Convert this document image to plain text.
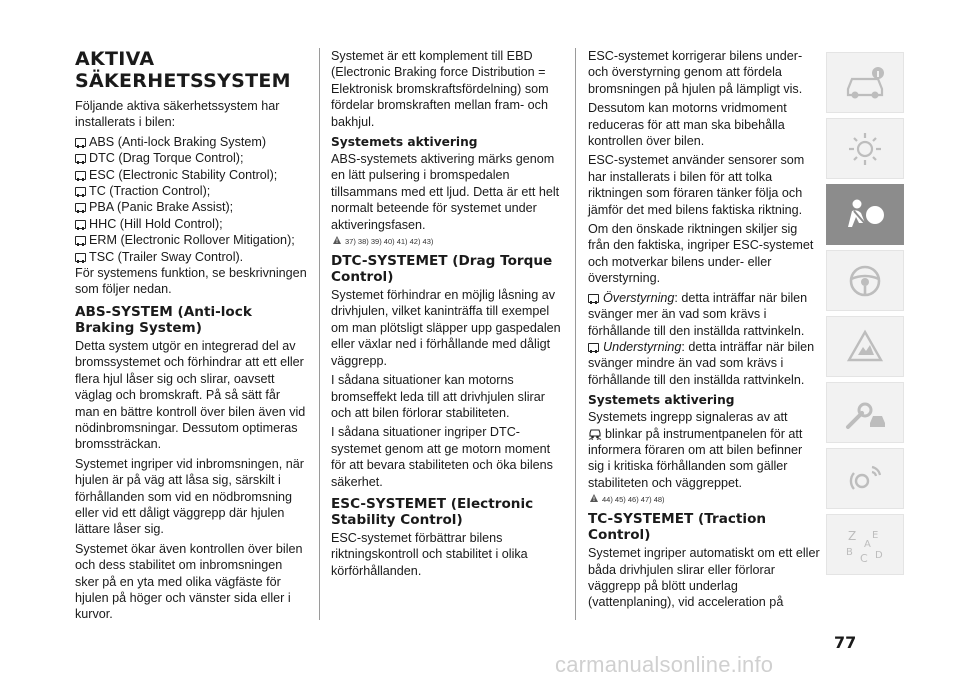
AKTIVA SÄKERHETSSYSTEM

Följande aktiva säkerhetssystem har installerats i bilen:

ABS (Anti-lock Braking System)
DTC (Drag Torque Control);
ESC (Electronic Stability Control);
TC (Traction Control);
PBA (Panic Brake Assist);
HHC (Hill Hold Control);
ERM (Electronic Rollover Mitigation);
TSC (Trailer Sway Control).

För systemens funktion, se beskrivningen som följer nedan.

ABS-SYSTEM (Anti-lock Braking System)

Detta system utgör en integrerad del av bromssystemet och förhindrar att ett eller flera hjul låser sig och slirar, oavsett väglag och bromskraft. På så sätt får man en bättre kontroll över bilen även vid nödinbromsningar. Dessutom optimeras bromssträckan.

Systemet ingriper vid inbromsningen, när hjulen är på väg att låsa sig, särskilt i förhållanden som vid en nödbromsning eller vid ett dåligt väggrepp där hjulen lättare låser sig.

Systemet ökar även kontrollen över bilen och dess stabilitet om inbromsningen sker på en yta med olika vägfäste för hjulen på höger och vänster sida eller i kurvor.

Systemet är ett komplement till EBD (Electronic Braking force Distribution = Elektronisk bromskraftsfördelning) som fördelar bromskraften mellan fram- och bakhjul.

Systemets aktivering

ABS-systemets aktivering märks genom en lätt pulsering i bromspedalen tillsammans med ett ljud. Detta är ett helt normalt beteende för systemet under aktiveringsfasen.

!
37) 38) 39) 40) 41) 42) 43)
DTC-SYSTEMET (Drag Torque Control)

Systemet förhindrar en möjlig låsning av drivhjulen, vilket kaninträffa till exempel om man plötsligt släpper upp gaspedalen eller växlar ned i förhållande med dåligt väggrepp.

I sådana situationer kan motorns bromseffekt leda till att drivhjulen slirar och att bilen förlorar stabiliteten.

I sådana situationer ingriper DTC-systemet genom att ge motorn moment för att bevara stabiliteten och öka bilens säkerhet.

ESC-SYSTEMET (Electronic Stability Control)

ESC-systemet förbättrar bilens riktningskontroll och stabilitet i olika körförhållanden.

ESC-systemet korrigerar bilens under- och överstyrning genom att fördela bromsningen på hjulen på lämpligt vis.

Dessutom kan motorns vridmoment reduceras för att man ska bibehålla kontrollen över bilen.

ESC-systemet använder sensorer som har installerats i bilen för att tolka riktningen som föraren tänker följa och jämför det med bilens faktiska riktning.

Om den önskade riktningen skiljer sig från den faktiska, ingriper ESC-systemet och motverkar bilens under- eller överstyrning.

Överstyrning: detta inträffar när bilen svänger mer än vad som krävs i förhållande till den inställda rattvinkeln.
Understyrning: detta inträffar när bilen svänger mindre än vad som krävs i förhållande till den inställda rattvinkeln.
Systemets aktivering

Systemets ingrepp signaleras av att
blinkar på instrumentpanelen för att informera föraren om att bilen befinner sig i kritiska förhållanden som gäller stabiliteten och väggreppet.

!
44) 45) 46) 47) 48)
TC-SYSTEMET (Traction Control)

Systemet ingriper automatiskt om ett eller båda drivhjulen slirar eller förlorar väggrepp på blött underlag (vattenplaning), vid acceleration på

Z E
B C D
A
77
carmanualsonline.info
